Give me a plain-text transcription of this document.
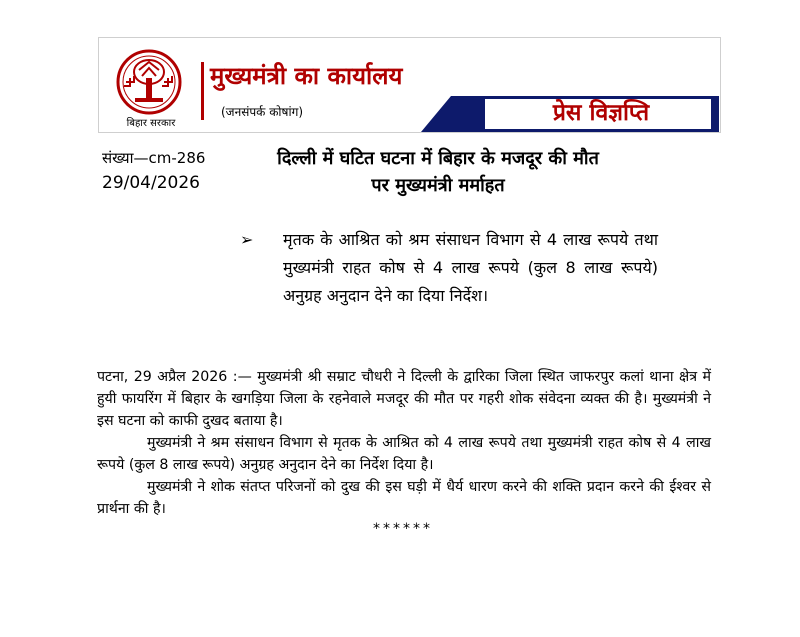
बिहार सरकार
मुख्यमंत्री का कार्यालय
(जनसंपर्क कोषांग)	प्रेस विज्ञप्ति
संख्या—cm-286
29/04/2026
दिल्ली में घटित घटना में बिहार के मजदूर की मौत
पर मुख्यमंत्री मर्माहत
➢ मृतक के आश्रित को श्रम संसाधन विभाग से 4 लाख रूपये तथा मुख्यमंत्री राहत कोष से 4 लाख रूपये (कुल 8 लाख रूपये) अनुग्रह अनुदान देने का दिया निर्देश।

पटना, 29 अप्रैल 2026 :— मुख्यमंत्री श्री सम्राट चौधरी ने दिल्ली के द्वारिका जिला स्थित जाफरपुर कलां थाना क्षेत्र में हुयी फायरिंग में बिहार के खगड़िया जिला के रहनेवाले मजदूर की मौत पर गहरी शोक संवेदना व्यक्त की है। मुख्यमंत्री ने इस घटना को काफी दुखद बताया है।

मुख्यमंत्री ने श्रम संसाधन विभाग से मृतक के आश्रित को 4 लाख रूपये तथा मुख्यमंत्री राहत कोष से 4 लाख रूपये (कुल 8 लाख रूपये) अनुग्रह अनुदान देने का निर्देश दिया है।

मुख्यमंत्री ने शोक संतप्त परिजनों को दुख की इस घड़ी में धैर्य धारण करने की शक्ति प्रदान करने की ईश्वर से प्रार्थना की है।

******
